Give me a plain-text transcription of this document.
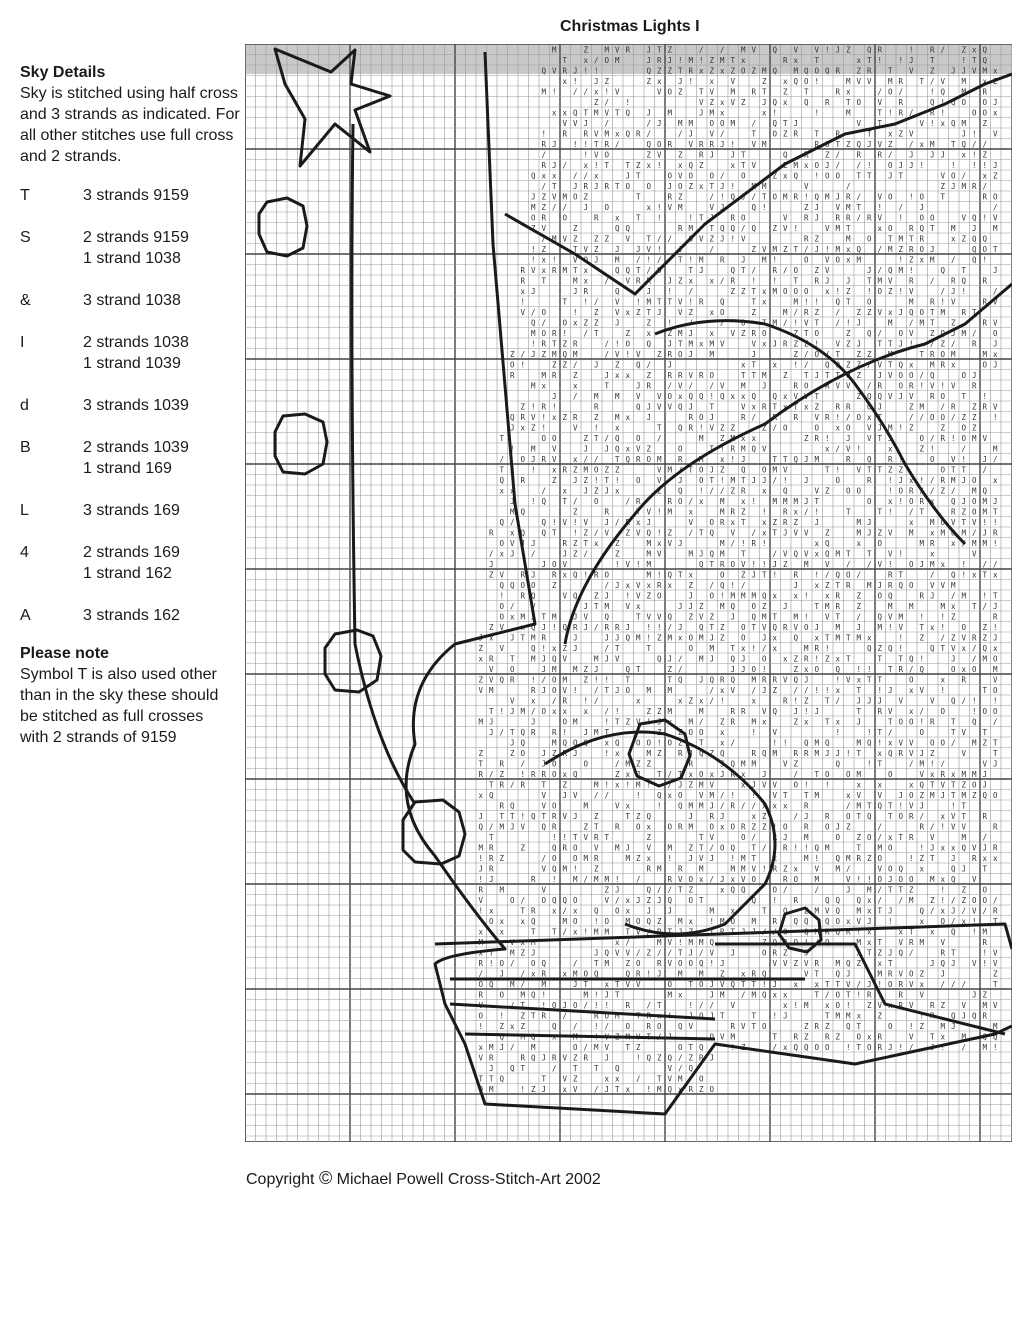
Christmas Lights I
Sky Details

Sky is stitched using half cross and 3 strands as indicated. For all other stitches use full cross and 2 strands.

T	3 strands 9159
S	2 strands 9159
1 strand 1038
&	3 strand 1038
I	2 strands 1038
1 strand 1039
d	3 strands 1039
B	2 strands 1039
1 strand 169
L	3 strands 169
4	2 strands 169
1 strand 162
A	3 strands 162
Please note
Symbol T is also used other than in the sky these should be stitched as full crosses with 2 strands of 9159
M	Z M V R J T Z	/ / M V Q V V ! J Z Q R	! R / Z x Q
T x / O M	J R J ! M ! Z M T x	R x T	x T ! ! J T	! T Q
Q V R J ! !	Q Z Z T R x Z x Z O Z M Q M Q O Q R Z R T V Z J J V M x
x ! J Z	Z x J ! x V	Z x Q O !	M V V M R T / V M x Z
M ! / / x ! V	V O Z T V M R T Z T	R x	/ O /	! Q M R
Z / !	V Z x V Z J Q x Q R T O V R	Q ! Q O O J
x x Q T M V T Q J M	J M x	x !	!	M	T ! R / R !	O O x
V V J /	/ J M M O O M / Q T J	V T	V ! x Q M Z
! R R V M x Q R /	/ J V /	T O Z R T R	T x Z V	J ! V
R J ! ! T R /	Q O R V R R J ! V M	R O T Z Q J V Z / x M T Q / /
/	! V O	Z V Z R J J T	Q R Z / R R / J J J x ! Z
R J / x ! T T Z x ! x Q Z	x T V	Z M x O J / / ! O J J !	! ! ! J
Q x x / / x	J T	O V O O / O	Z x Q ! O O T T J T	V O / x Z
/ T J R J R T O O J O Z x T J ! M M	V	/	Z J M R /
J Z V M O Z	T	R Z	/ ! Q J / T O M R ! Q M J R / V O ! O T	R O
M Z / / J O	x ! V M	V J	Q !	Z J V M T ! / J	/
O R O	R x T !	! T J R O	V R J R R / R V ! O O	V Q ! V
Z V	Z	Q Q	R M T Q Q / Q Z V !	V M T	x O R Q T M J M
/ M V Z Z Z V T / / O V Z J ! V	R Z	M O T M T R	x Z Q Q
! Z	T V Z J J V ! J	/	Z V M Z T / J ! M x Q / M Z R O J	Q O T
! x ! V Q J M / ! / T ! M R J M !	O V O x M	! Z x M / Q !
R V x R M T x	Q Q T / O	T J	Q T / R / O Z V	J / Q M !	Q T	J
R T	M x / V R R J Z x x / R ! ! T R J J T M V R / R Q R
x J	J R	Q	J ! /	Z Z T x M O O O x ! Z ! O Z ! V	/ J !	/
!	T ! / V ! M T T V ! R Q	T x	M ! ! Q T O	M R ! V	R V
V / O	! Z V x Z T J V Z x O	Z	M / R Z / Z Z V x J Q O T M R T
Q / O x Z Z J	Z ! /	/ O T M / ! V T / ! J	M / M T Z	R V
M O R ! / T	Z x Z M J x V Z R O	Z T O	Z Q / O V Z Q J M / O
! R T Z R	/ ! O Q J T M x M V	V x J R Z Z ! V Z J T T J ! / Z / R J
Z / J Z M Q M	/ V ! V Z R O J M	J	Z / O / T Z Z M	T R O M	M x
O !	Z Z / J Z Q / J	x T x ! / Q O Z Z / V T Q x M R x	O J
R	M R Z	J x x Z R R V R O	T T M Z T J T T Q Z J V O O / Q	O J
M x	x	T	J R / V / / V M J	R O R V V / R O R ! V ! V R
J / M M V V O x Q Q ! Q x x Q Q x V V T	Z Q Q V J V R O T !
Z ! R !	R	Q J V V Q J T	V x R T x T x Z R R O J	Z M / R Z R V
Q R V ! x Z R Z M x J	R O J	R / R R V R ! / O x T	/ / O O / Z Z !
J x Z !	V ! x	T Q R ! V Z Z	Z / O	O x O V J M ! Z	Z O Z
T	O O	Z T / Q O /	M Z M x x	Z R ! J V T J	O / R ! O M V
! M V	J J Q x V Z	O	T ! R M Q V	x / V !	x	Z !	/	M
/ O J R V x / / T Q R O M R M x ! J	T T Q J M	R Q R !	O V ! J /
T x ! x R Z M O Z Z	V M / T O J Z Q O M V	T ! V T T Z Z	O T T /
Q R	Z J Z ! T ! O V J O T ! M T J J / ! J	O	R ! J x ! / R M J O x
x x	/ x J Z J x	Z Q ! / / Z R x Q	V Z O O	! O R / / Z / M Q
J ! Q T / O	/ R	R O / x M x ! M M M J T	O x ! O R x Q J O M J
M Q	Z	R	T V ! M x	M R Z ! R x / !	T	T ! / T	R Z O M T
Q /	Q ! V ! V J / R x J	V O R x T x Z R Z J	M J	x M O V T V ! !
R x Q Q T ! Z / V Z V Q ! Z / T Q V / x T J V V Z	M J Z V M x M O M / J R
O V J J	R Z T x Z	M x V J	M / ! R !	x Q	x O	M R x / M M !
/ x J /	J Z /	Z	M V	M J Q M T	/ V Q V x Q M T T V !	x	V
J	J O V	! V ! M	Q T R O V ! ! J Z M V / / V ! O J M x ! / /
Z V R J R x Q ! R O	M ! Q T x	O Z J T ! R ! / Q O /	R T	/ Q ! x T x
Q Q O O Z	/ J x V x R x Z / Q ! /	J x Z T R M J R Q O V V M
! R Q	V Q Z J ! V Z O	J O ! M M M Q x x ! x R Z O Q	R J / M ! T
O / V	/ J T M V x	J J Z M Q O Z J	T M R Z	M M	M x T / J
O x M / T M J V Q	T V V Q Z V Z J Q M T M ! V T / Q V M ! ! Z	R
Z V x Q J ! Q R J / R R J ! ! / J Q T Z O T V Q R V O J M J M ! V T x ! O Z !
J x J T M R	J	J J Q M ! Z M x O M J Z O J x Q x T M T M x	! Z / Z V R Z J
Z V	Q ! x Z J	/ T	T	O M T x ! / x	M R !	Q Z Q !	Q T V x / Q x
x R T M J Q V	M J V	Q J / M J Q J O x Z R ! Z x T	T T Q !	J / M O
V O	J M M Z J	Q T	Z /	J J O !	Z x O Q ! ! T R / Q	O x O M
Z V Q R ! / O M Z ! ! T	T Q J Q R Q M R R V Q J	! V x T T	O	x R	V
V M	R J O V ! / T J O M M	/ x V / J Z / / ! ! x T ! J x V !	T O
V x / R ! /	x	x Z x / !	x	R ! Z T / J J J V	V Q / ! !
T ! J M / O x x x / !	Z Z M	M	R R V Q J ! J	T R V x / O	! O O
M J	J	O M	! T Z V ! J x M / Z R M x	Z x T x J	T O O ! R T Q /
J / T Q R R ! J M T	Z Z O O x	! V	!	! T /	O	T V T
J Q	M Q Q Q x Q O O ! O Z T x /	! ! Q M Q	M Q ! x V V O O / M Z T
Z	Z O J Z R J	! x	M Z R J Q Z Q	R Q M R R M J J ! T x Q R V J Z	V	T
T R / J O	O	/ M Z Z	R	J Q M M	V Z	Q	! T	/ M ! /	V J
R / Z ! R R O x Q	Z x J T / T x O x J R x J	/ T O O M	O	V x R x M M J
T R / R T Z	M ! x ! M ! / J Z M V	x J V V O ! !	x x	x Q T V T Z O J
x Q	V J V / /	! Q x O V M / ! ! V T T M	x V V J O Z M J T M Z Q O
R Q	V O	M	V x	! Q M M J / R / / x x x R	/ M T Q T ! V J	! T
J T T ! Q T R V J Z	T Z Q	J R J	x Z	/ J R O T Q T O R / x V T R
Q / M J V Q R	Z T R O x O R M O x O R Z Z ! O R O J Z	/	R / ! V V	R
T	! ! T V R T	Z	T V	O / R J M	O Z O / x T R V	M /
M R	Z	Q R O V M J V M Z T / O Q T / R ! ! Q M	T M O	! J x x Q V J R
! R Z	/ O O M R	M Z x ! J V J ! M T x	M ! Q M R Z O	! Z T J R x x
J R	V Q M ! Z	R M R M	M M V ! R Z x V M /	V O Q x	Q J T
! J	R ! M / M M ! /	R V O x / J x V O	R O M	V ! ! O J O O M x Q V
R M	V	Z J	Q / / T Z	x Q Q	O /	/	J M / T T Z	! Z O
V	O / O Q Q O	V / x J Z J Q O T	Q ! R	Q Q Q x / / M Z ! / Z O O /
! x	T R x / x Q O x J J	M x	T O Z M V Q M x T J	Q / x J / V / R
O x x Q	M O ! O M O Q Z M x ! M O M R Q Q Q O x V J !	x O / x ! T
x x	T T / x ! M M T V / R T J Z T R T J J / / O Q M R Q R ! x	x T x Q ! M
M x V x M	x /	M V ! M M Q	Z Q R O ! / Q	M x T V R M V	R
x T M Z J	J Q V V / Z / / T J / V J	O R Z J	/ T Z J Q /	R T	! V
R ! O / O Q	/ T M Z O R V O O Q ! J	V V Z V R M Q Z x T	J Q J V ! V
/ J / x R x M O Q	Q R ! J M M Z x R Q	V T Q J	M R V O Z J	Z
O Q M / M	J T x T V V	O T O J V Q T T ! J x x T T V / J ! O R V x / / /	T
R O M Q !	M ! J T	M x	J M / M Q x x	T / O T ! R ! R V	J Z
V	/ T ! O J O / ! ! R / T	! / / V	x ! M x O ! Z V x R V R Z V M V
O ! Z T R /	R O M T R x ! J Q J T	T ! J	T M M x Z	! R Q J Q R
! Z x Z	Q / ! / O R O Q V	R V T O	Z R Z Q T	O ! Z M J	M
Q M Q x M ! V Z M V T / J	O V M	T R Z R Z O x R	V T x M Q Q
x M J / M	O / M V T Z	O T Q	! Z	/ x Q Q O O ! T O R J ! / J ! / M !
V R	R Q J R V Z R J	! Q Z Q / Z R J
J Q T	/ T T Q	V / Q
T T Q	T V Z	x x / T V M O
Q M	! Z J x V / J T x ! M Q x R Z O
Copyright © Michael Powell Cross-Stitch-Art 2002
